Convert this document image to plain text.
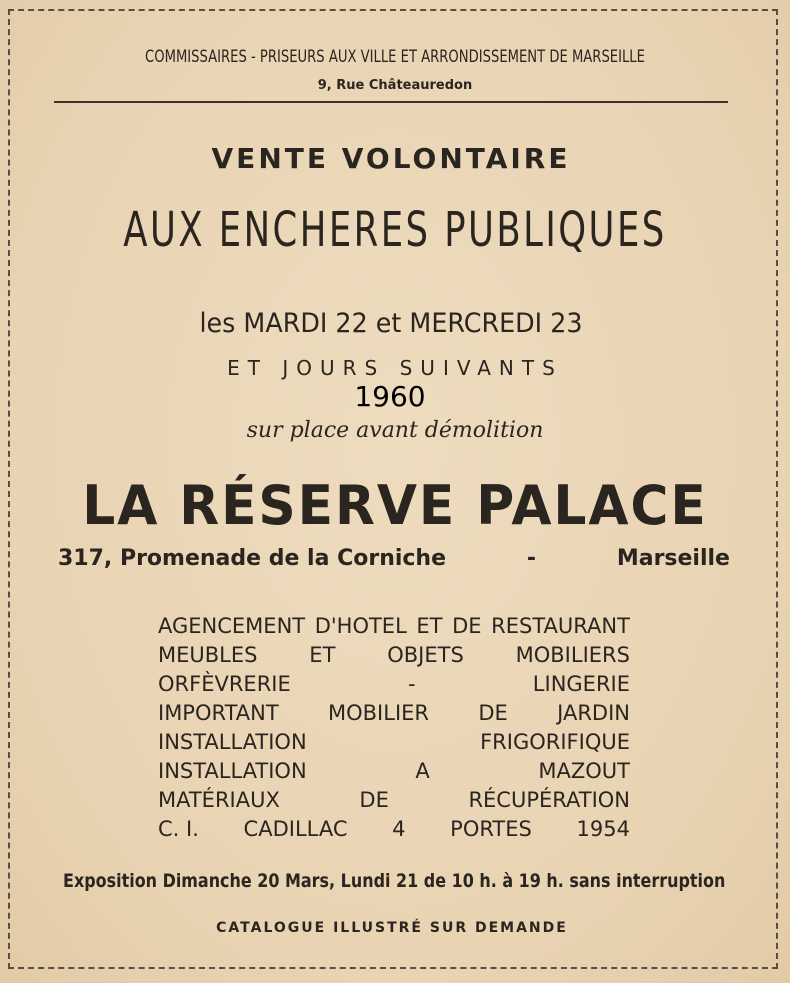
COMMISSAIRES - PRISEURS AUX VILLE ET ARRONDISSEMENT DE MARSEILLE

9, Rue Châteauredon

VENTE VOLONTAIRE

AUX ENCHERES PUBLIQUES

les MARDI 22 et MERCREDI 23

ET JOURS SUIVANTS

1960

sur place avant démolition

LA RÉSERVE PALACE

317, Promenade de la Corniche	-	Marseille

AGENCEMENT D'HOTEL ET DE RESTAURANT
MEUBLES ET OBJETS MOBILIERS
ORFÈVRERIE	-	LINGERIE
IMPORTANT MOBILIER DE JARDIN
INSTALLATION	FRIGORIFIQUE
INSTALLATION	A	MAZOUT
MATÉRIAUX	DE	RÉCUPÉRATION
C. I. CADILLAC 4 PORTES 1954

Exposition Dimanche 20 Mars, Lundi 21 de 10 h. à 19 h. sans interruption

CATALOGUE ILLUSTRÉ SUR DEMANDE
